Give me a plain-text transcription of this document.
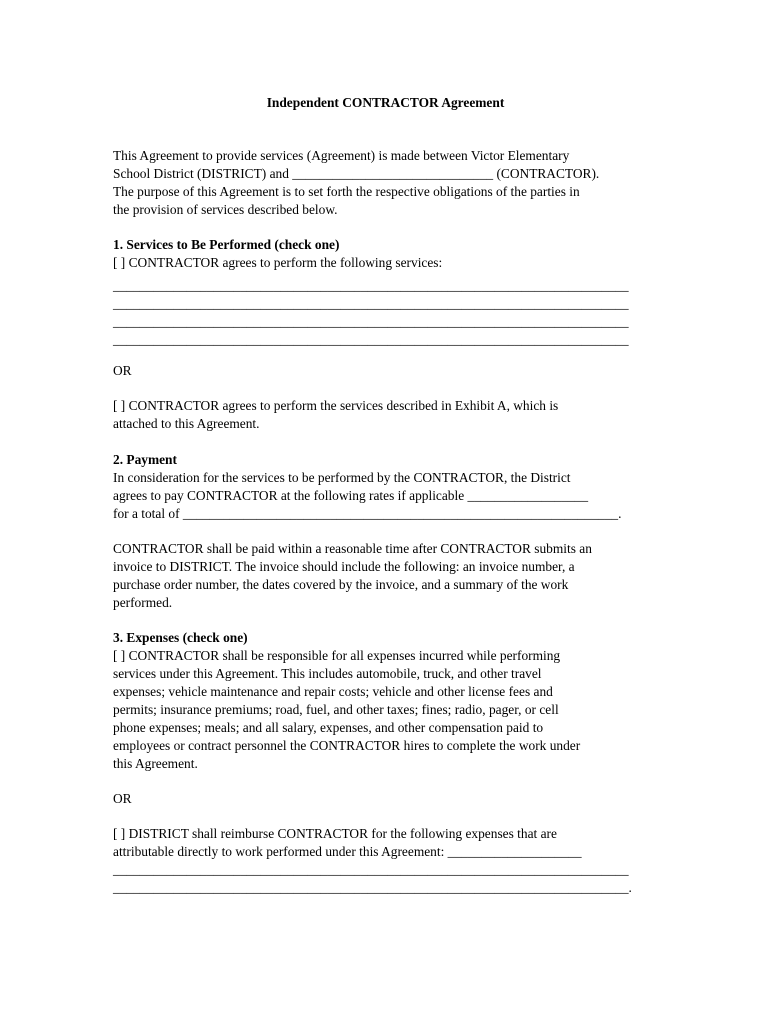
Independent CONTRACTOR Agreement
This Agreement to provide services (Agreement) is made between Victor Elementary
School District (DISTRICT) and ______________________________ (CONTRACTOR).
The purpose of this Agreement is to set forth the respective obligations of the parties in
the provision of services described below.
1. Services to Be Performed (check one)
[ ] CONTRACTOR agrees to perform the following services:
_____________________________________________________________________________
_____________________________________________________________________________
_____________________________________________________________________________
_____________________________________________________________________________
OR
[ ] CONTRACTOR agrees to perform the services described in Exhibit A, which is
attached to this Agreement.
2. Payment
In consideration for the services to be performed by the CONTRACTOR, the District
agrees to pay CONTRACTOR at the following rates if applicable __________________
for a total of _________________________________________________________________.
CONTRACTOR shall be paid within a reasonable time after CONTRACTOR submits an
invoice to DISTRICT. The invoice should include the following: an invoice number, a
purchase order number, the dates covered by the invoice, and a summary of the work
performed.
3. Expenses (check one)
[ ] CONTRACTOR shall be responsible for all expenses incurred while performing
services under this Agreement. This includes automobile, truck, and other travel
expenses; vehicle maintenance and repair costs; vehicle and other license fees and
permits; insurance premiums; road, fuel, and other taxes; fines; radio, pager, or cell
phone expenses; meals; and all salary, expenses, and other compensation paid to
employees or contract personnel the CONTRACTOR hires to complete the work under
this Agreement.
OR
[ ] DISTRICT shall reimburse CONTRACTOR for the following expenses that are
attributable directly to work performed under this Agreement: ____________________
_____________________________________________________________________________
_____________________________________________________________________________.
